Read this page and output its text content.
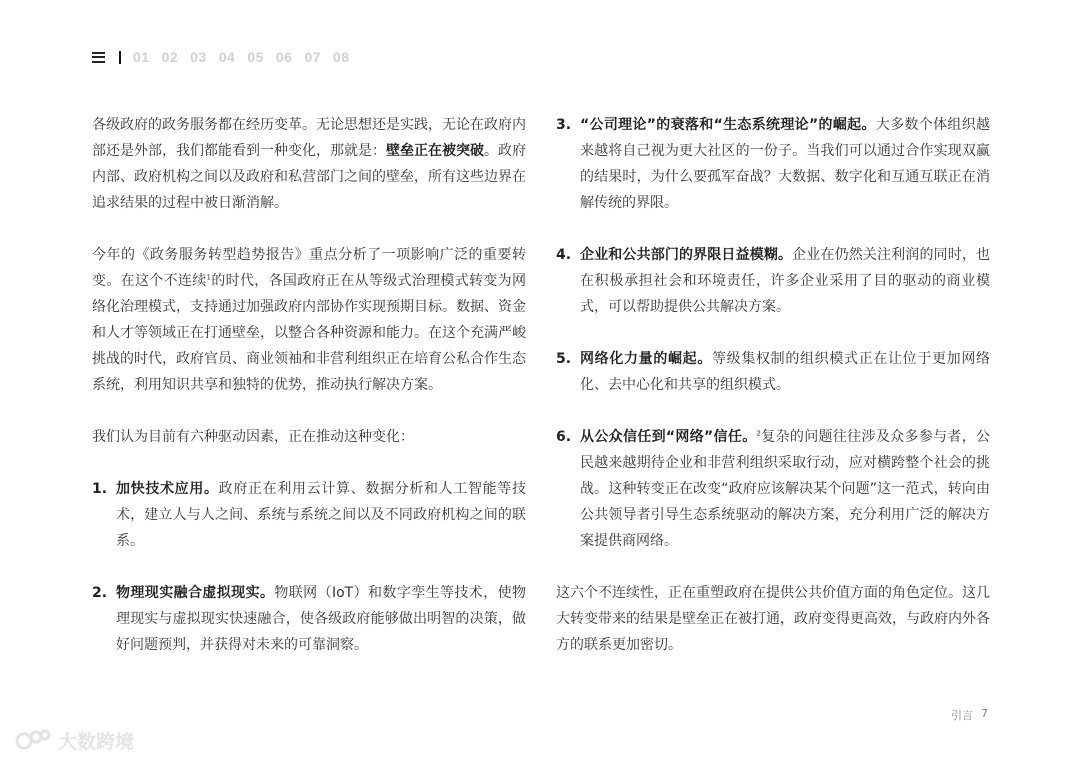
01 02 03 04 05 06 07 08

各级政府的政务服务都在经历变革。无论思想还是实践，无论在政府内部还是外部，我们都能看到一种变化，那就是：壁垒正在被突破。政府内部、政府机构之间以及政府和私营部门之间的壁垒，所有这些边界在追求结果的过程中被日渐消解。

今年的《政务服务转型趋势报告》重点分析了一项影响广泛的重要转变。在这个不连续$^1$的时代，各国政府正在从等级式治理模式转变为网络化治理模式，支持通过加强政府内部协作实现预期目标。数据、资金和人才等领域正在打通壁垒，以整合各种资源和能力。在这个充满严峻挑战的时代，政府官员、商业领袖和非营利组织正在培育公私合作生态系统，利用知识共享和独特的优势，推动执行解决方案。

我们认为目前有六种驱动因素，正在推动这种变化：

1. 加快技术应用。政府正在利用云计算、数据分析和人工智能等技术，建立人与人之间、系统与系统之间以及不同政府机构之间的联系。
2. 物理现实融合虚拟现实。物联网（IoT）和数字孪生等技术，使物理现实与虚拟现实快速融合，使各级政府能够做出明智的决策，做好问题预判，并获得对未来的可靠洞察。
3. “公司理论”的衰落和“生态系统理论”的崛起。大多数个体组织越来越将自己视为更大社区的一份子。当我们可以通过合作实现双赢的结果时，为什么要孤军奋战？大数据、数字化和互通互联正在消解传统的界限。
4. 企业和公共部门的界限日益模糊。企业在仍然关注利润的同时，也在积极承担社会和环境责任，许多企业采用了目的驱动的商业模式，可以帮助提供公共解决方案。
5. 网络化力量的崛起。等级集权制的组织模式正在让位于更加网络化、去中心化和共享的组织模式。
6. 从公众信任到“网络”信任。$^2$复杂的问题往往涉及众多参与者，公民越来越期待企业和非营利组织采取行动，应对横跨整个社会的挑战。这种转变正在改变“政府应该解决某个问题”这一范式，转向由公共领导者引导生态系统驱动的解决方案，充分利用广泛的解决方案提供商网络。

这六个不连续性，正在重塑政府在提供公共价值方面的角色定位。这几大转变带来的结果是壁垒正在被打通，政府变得更高效，与政府内外各方的联系更加密切。

引言 7
大数跨境
